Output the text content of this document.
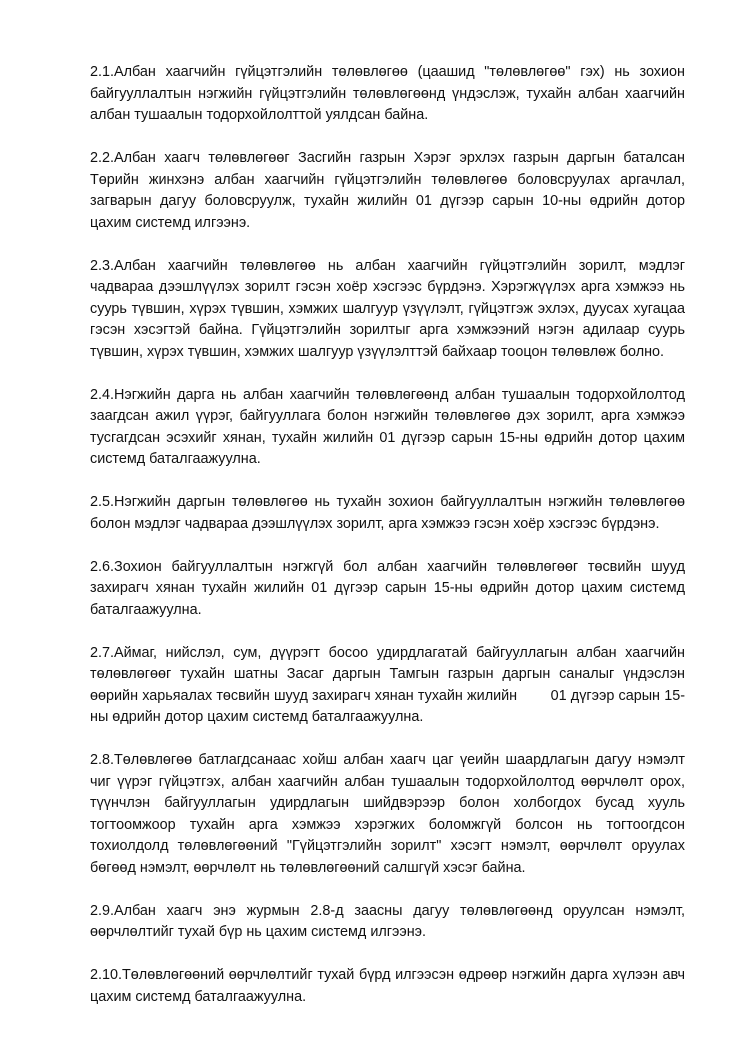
2.1.Албан хаагчийн гүйцэтгэлийн төлөвлөгөө (цаашид "төлөвлөгөө" гэх) нь зохион байгууллалтын нэгжийн гүйцэтгэлийн төлөвлөгөөнд үндэслэж, тухайн албан хаагчийн албан тушаалын тодорхойлолттой уялдсан байна.

2.2.Албан хаагч төлөвлөгөөг Засгийн газрын Хэрэг эрхлэх газрын даргын баталсан Төрийн жинхэнэ албан хаагчийн гүйцэтгэлийн төлөвлөгөө боловсруулах аргачлал, загварын дагуу боловсруулж, тухайн жилийн 01 дүгээр сарын 10-ны өдрийн дотор цахим системд илгээнэ.

2.3.Албан хаагчийн төлөвлөгөө нь албан хаагчийн гүйцэтгэлийн зорилт, мэдлэг чадвараа дээшлүүлэх зорилт гэсэн хоёр хэсгээс бүрдэнэ. Хэрэгжүүлэх арга хэмжээ нь суурь түвшин, хүрэх түвшин, хэмжих шалгуур үзүүлэлт, гүйцэтгэж эхлэх, дуусах хугацаа гэсэн хэсэгтэй байна. Гүйцэтгэлийн зорилтыг арга хэмжээний нэгэн адилаар суурь түвшин, хүрэх түвшин, хэмжих шалгуур үзүүлэлттэй байхаар тооцон төлөвлөж болно.

2.4.Нэгжийн дарга нь албан хаагчийн төлөвлөгөөнд албан тушаалын тодорхойлолтод заагдсан ажил үүрэг, байгууллага болон нэгжийн төлөвлөгөө дэх зорилт, арга хэмжээ тусгагдсан эсэхийг хянан, тухайн жилийн 01 дүгээр сарын 15-ны өдрийн дотор цахим системд баталгаажуулна.

2.5.Нэгжийн даргын төлөвлөгөө нь тухайн зохион байгууллалтын нэгжийн төлөвлөгөө болон мэдлэг чадвараа дээшлүүлэх зорилт, арга хэмжээ гэсэн хоёр хэсгээс бүрдэнэ.

2.6.Зохион байгууллалтын нэгжгүй бол албан хаагчийн төлөвлөгөөг төсвийн шууд захирагч хянан тухайн жилийн 01 дүгээр сарын 15-ны өдрийн дотор цахим системд баталгаажуулна.

2.7.Аймаг, нийслэл, сум, дүүрэгт босоо удирдлагатай байгууллагын албан хаагчийн төлөвлөгөөг тухайн шатны Засаг даргын Тамгын газрын даргын саналыг үндэслэн өөрийн харьяалах төсвийн шууд захирагч хянан тухайн жилийн        01 дүгээр сарын 15-ны өдрийн дотор цахим системд баталгаажуулна.

2.8.Төлөвлөгөө батлагдсанаас хойш албан хаагч цаг үеийн шаардлагын дагуу нэмэлт чиг үүрэг гүйцэтгэх, албан хаагчийн албан тушаалын тодорхойлолтод өөрчлөлт орох, түүнчлэн байгууллагын удирдлагын шийдвэрээр болон холбогдох бусад хууль тогтоомжоор тухайн арга хэмжээ хэрэгжих боломжгүй болсон нь тогтоогдсон тохиолдолд төлөвлөгөөний "Гүйцэтгэлийн зорилт" хэсэгт нэмэлт, өөрчлөлт оруулах бөгөөд нэмэлт, өөрчлөлт нь төлөвлөгөөний салшгүй хэсэг байна.

2.9.Албан хаагч энэ журмын 2.8-д заасны дагуу төлөвлөгөөнд оруулсан нэмэлт, өөрчлөлтийг тухай бүр нь цахим системд илгээнэ.

2.10.Төлөвлөгөөний өөрчлөлтийг тухай бүрд илгээсэн өдрөөр нэгжийн дарга хүлээн авч цахим системд баталгаажуулна.
